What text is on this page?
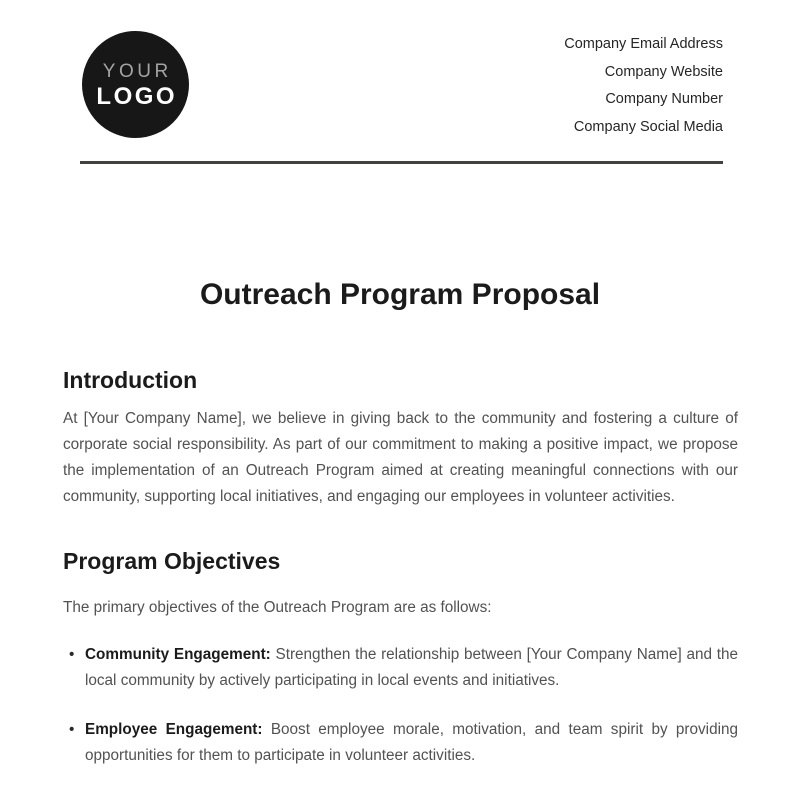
YOUR
LOGO
Company Email Address
Company Website
Company Number
Company Social Media
Outreach Program Proposal
Introduction

At [Your Company Name], we believe in giving back to the community and fostering a culture of corporate social responsibility. As part of our commitment to making a positive impact, we propose the implementation of an Outreach Program aimed at creating meaningful connections with our community, supporting local initiatives, and engaging our employees in volunteer activities.

Program Objectives

The primary objectives of the Outreach Program are as follows:

• Community Engagement: Strengthen the relationship between [Your Company Name] and the local community by actively participating in local events and initiatives.
• Employee Engagement: Boost employee morale, motivation, and team spirit by providing opportunities for them to participate in volunteer activities.
